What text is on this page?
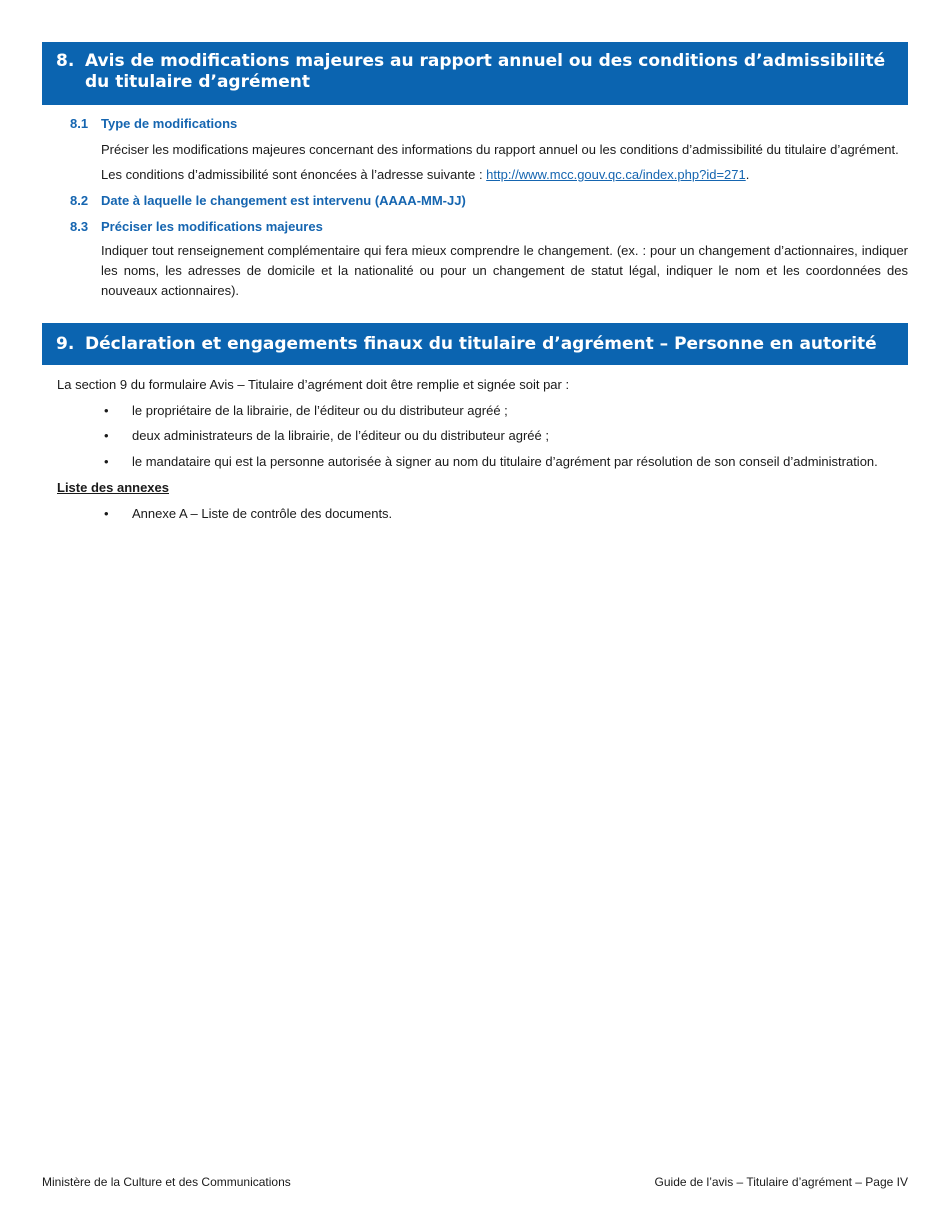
8. Avis de modifications majeures au rapport annuel ou des conditions d’admissibilité
du titulaire d’agrément
8.1 Type de modifications
Préciser les modifications majeures concernant des informations du rapport annuel ou les conditions d’admissibilité du titulaire d’agrément.
Les conditions d’admissibilité sont énoncées à l’adresse suivante : http://www.mcc.gouv.qc.ca/index.php?id=271.
8.2 Date à laquelle le changement est intervenu (AAAA-MM-JJ)
8.3 Préciser les modifications majeures
Indiquer tout renseignement complémentaire qui fera mieux comprendre le changement. (ex. : pour un changement d’actionnaires, indiquer les noms, les adresses de domicile et la nationalité ou pour un changement de statut légal, indiquer le nom et les coordonnées des nouveaux actionnaires).
9. Déclaration et engagements finaux du titulaire d’agrément – Personne en autorité
La section 9 du formulaire Avis – Titulaire d’agrément doit être remplie et signée soit par :
• le propriétaire de la librairie, de l’éditeur ou du distributeur agréé ;
• deux administrateurs de la librairie, de l’éditeur ou du distributeur agréé ;
• le mandataire qui est la personne autorisée à signer au nom du titulaire d’agrément par résolution de son conseil d’administration.
Liste des annexes
• Annexe A – Liste de contrôle des documents.
Ministère de la Culture et des Communications	Guide de l’avis – Titulaire d’agrément – Page IV
